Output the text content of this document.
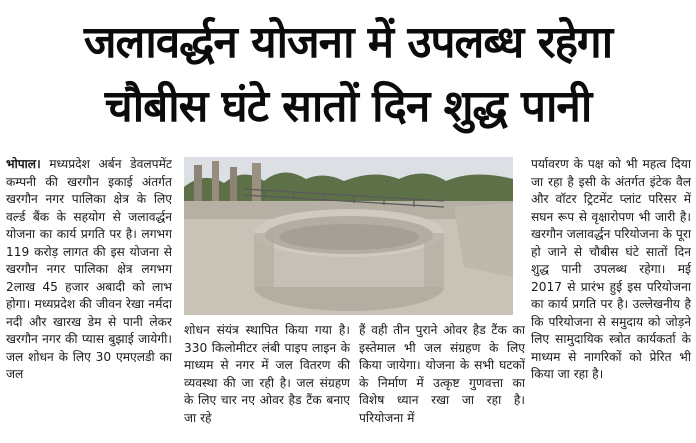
जलावर्द्धन योजना में उपलब्ध रहेगा
चौबीस घंटे सातों दिन शुद्ध पानी
भोपाल। मध्यप्रदेश अर्बन डेवलपमेंट कम्पनी की खरगौन इकाई अंतर्गत खरगौन नगर पालिका क्षेत्र के लिए वर्ल्ड बैंक के सहयोग से जलावर्द्धन योजना का कार्य प्रगति पर है। लगभग 119 करोड़ लागत की इस योजना से खरगौन नगर पालिका क्षेत्र लगभग 2लाख 45 हजार अबादी को लाभ होगा। मध्यप्रदेश की जीवन रेखा नर्मदा नदी और खारख डेम से पानी लेकर खरगौन नगर की प्यास बुझाई जायेगी। जल शोधन के लिए 30 एमएलडी का जल
शोधन संयंत्र स्थापित किया गया है। 330 किलोमीटर लंबी पाइप लाइन के माध्यम से नगर में जल वितरण की व्यवस्था की जा रही है। जल संग्रहण के लिए चार नए ओवर हैड टैंक बनाए जा रहे
हैं वही तीन पुराने ओवर हैड टैंक का इस्तेमाल भी जल संग्रहण के लिए किया जायेगा। योजना के सभी घटकों के निर्माण में उत्कृष्ट गुणवत्ता का विशेष ध्यान रखा जा रहा है। परियोजना में
पर्यावरण के पक्ष को भी महत्व दिया जा रहा है इसी के अंतर्गत इंटेक वैल और वॉटर ट्रिटमेंट प्लांट परिसर में सघन रूप से वृक्षारोपण भी जारी है। खरगौन जलावर्द्धन परियोजना के पूरा हो जाने से चौबीस घंटे सातों दिन शुद्ध पानी उपलब्ध रहेगा। मई 2017 से प्रारंभ हुई इस परियोजना का कार्य प्रगति पर है। उल्लेखनीय है कि परियोजना से समुदाय को जोड़ने लिए सामुदायिक स्त्रोत कार्यकर्ता के माध्यम से नागरिकों को प्रेरित भी किया जा रहा है।
